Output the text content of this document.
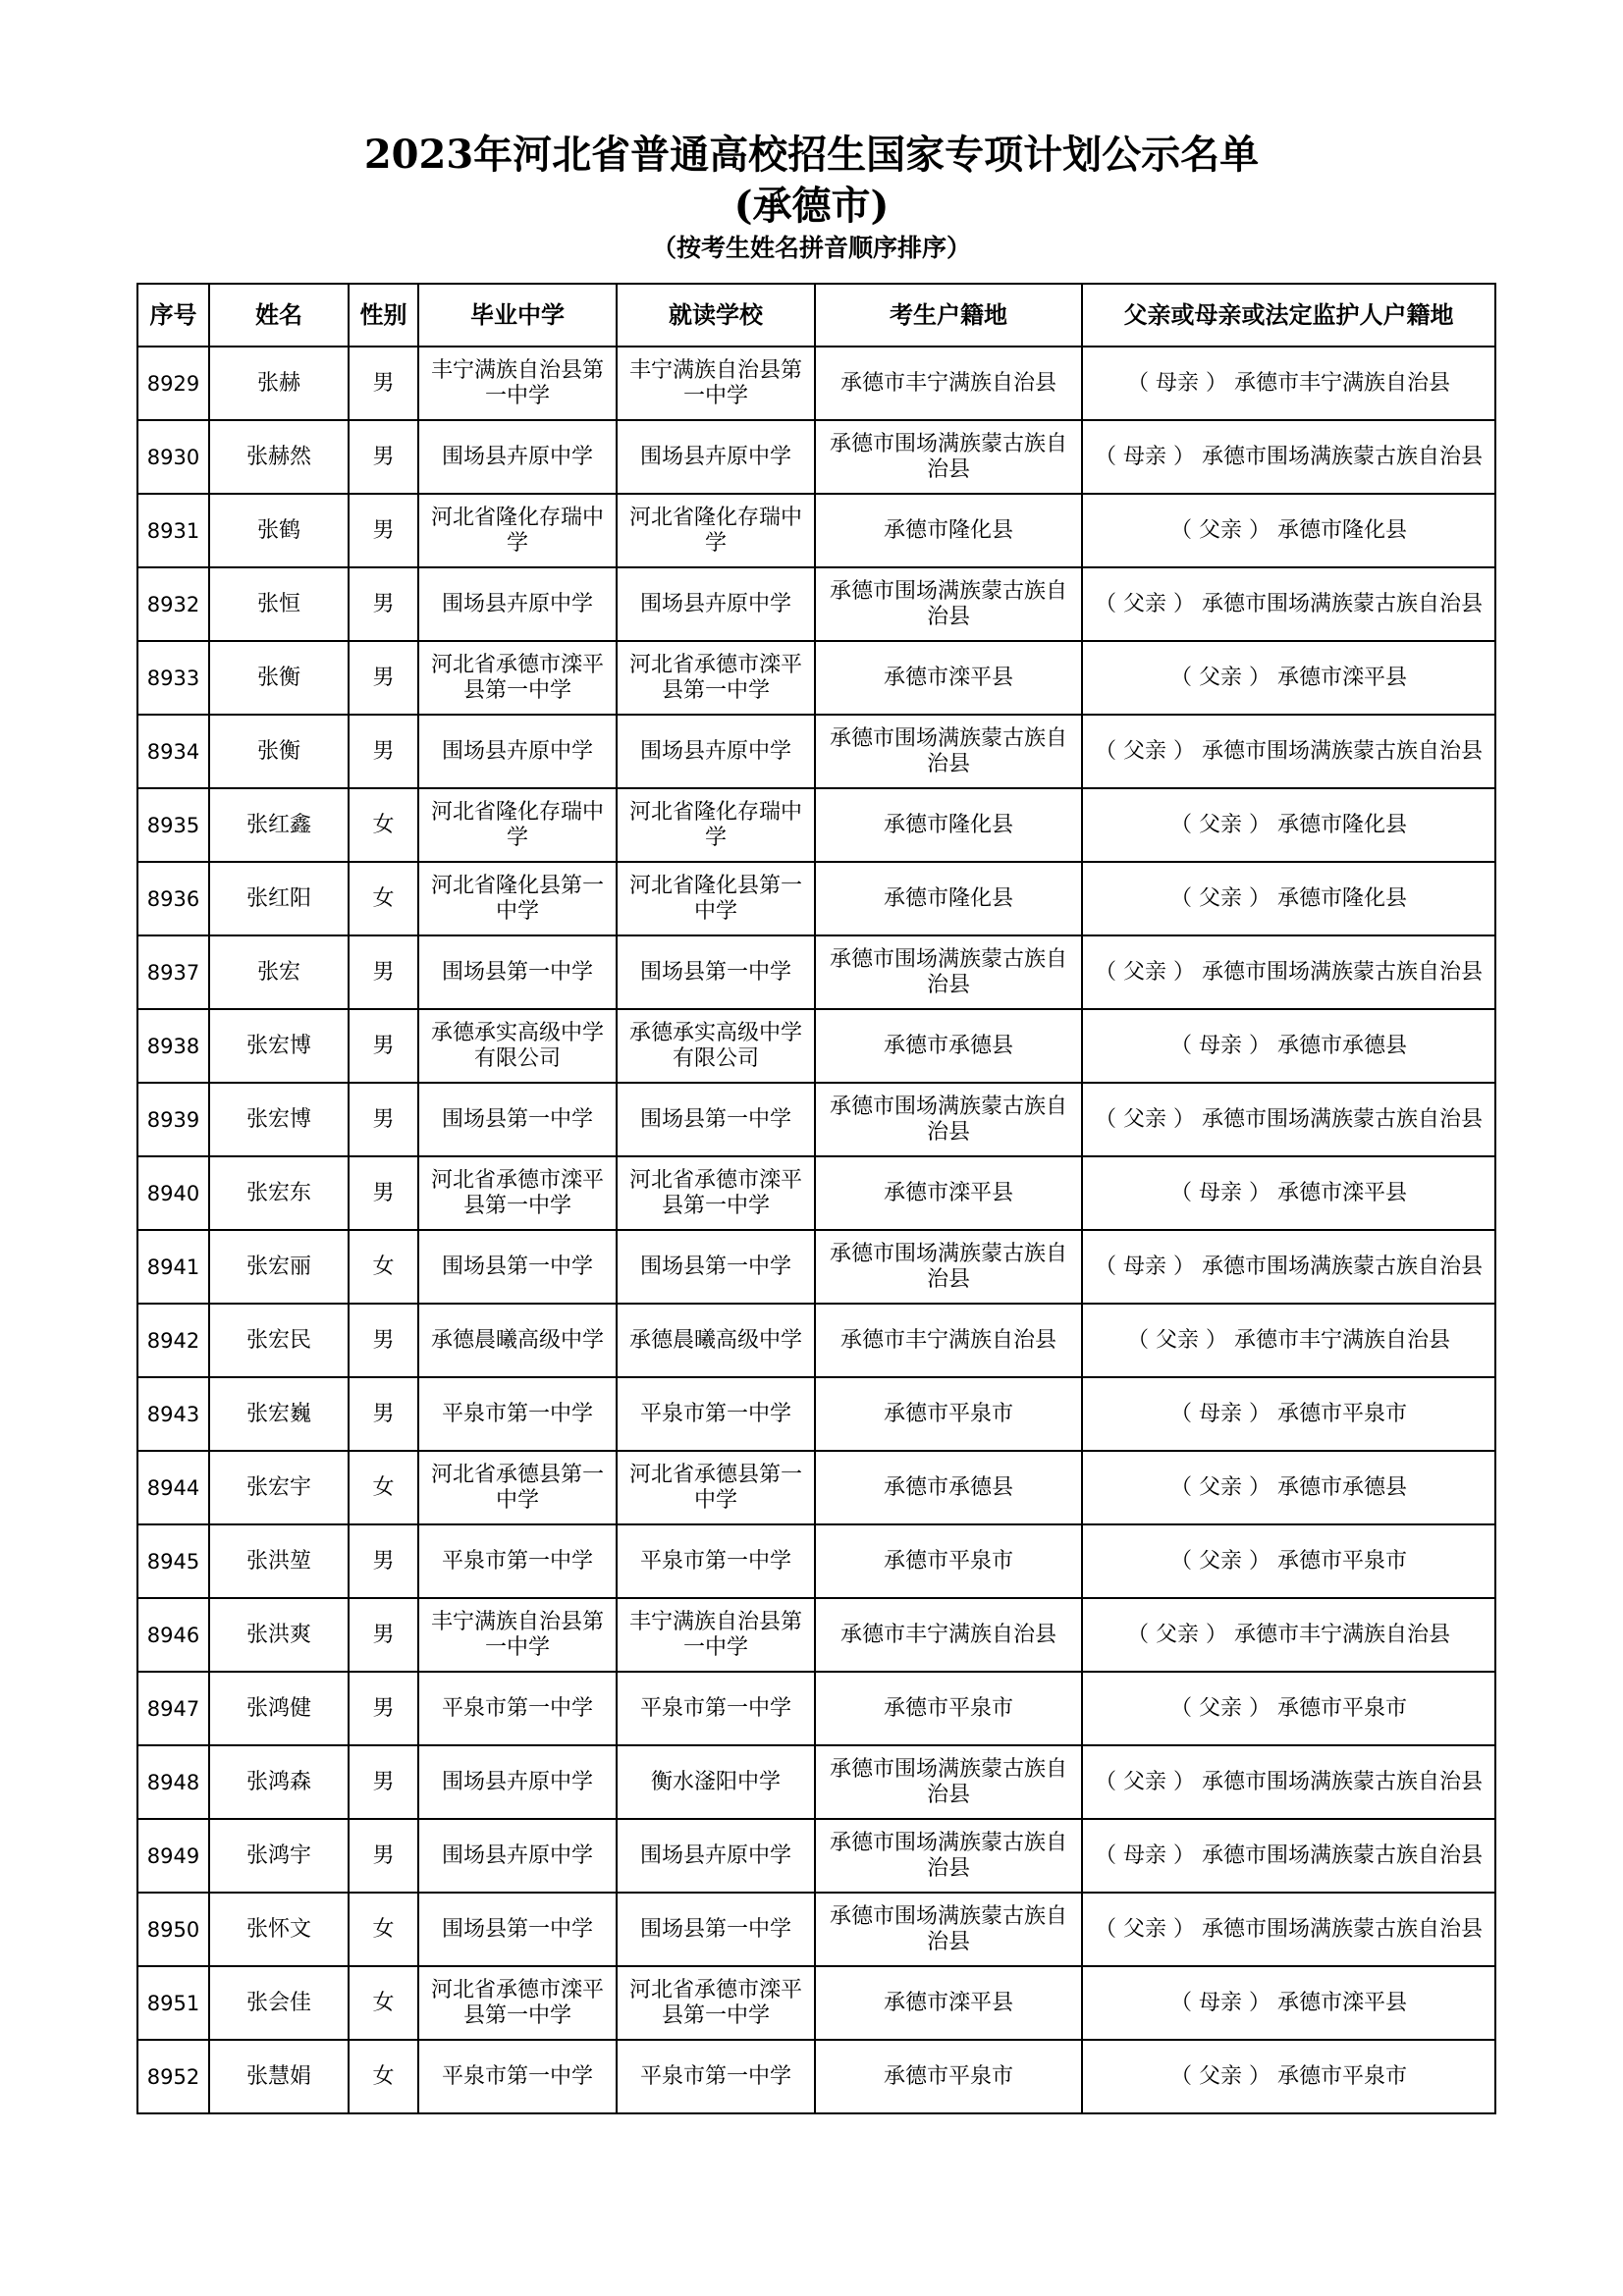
2023年河北省普通高校招生国家专项计划公示名单
(承德市)
（按考生姓名拼音顺序排序）
序号	姓名	性别	毕业中学	就读学校	考生户籍地	父亲或母亲或法定监护人户籍地
8929	张赫	男	丰宁满族自治县第一中学	丰宁满族自治县第一中学	承德市丰宁满族自治县	（ 母亲 ） 承德市丰宁满族自治县
8930	张赫然	男	围场县卉原中学	围场县卉原中学	承德市围场满族蒙古族自治县	（ 母亲 ） 承德市围场满族蒙古族自治县
8931	张鹤	男	河北省隆化存瑞中学	河北省隆化存瑞中学	承德市隆化县	（ 父亲 ） 承德市隆化县
8932	张恒	男	围场县卉原中学	围场县卉原中学	承德市围场满族蒙古族自治县	（ 父亲 ） 承德市围场满族蒙古族自治县
8933	张衡	男	河北省承德市滦平县第一中学	河北省承德市滦平县第一中学	承德市滦平县	（ 父亲 ） 承德市滦平县
8934	张衡	男	围场县卉原中学	围场县卉原中学	承德市围场满族蒙古族自治县	（ 父亲 ） 承德市围场满族蒙古族自治县
8935	张红鑫	女	河北省隆化存瑞中学	河北省隆化存瑞中学	承德市隆化县	（ 父亲 ） 承德市隆化县
8936	张红阳	女	河北省隆化县第一中学	河北省隆化县第一中学	承德市隆化县	（ 父亲 ） 承德市隆化县
8937	张宏	男	围场县第一中学	围场县第一中学	承德市围场满族蒙古族自治县	（ 父亲 ） 承德市围场满族蒙古族自治县
8938	张宏博	男	承德承实高级中学有限公司	承德承实高级中学有限公司	承德市承德县	（ 母亲 ） 承德市承德县
8939	张宏博	男	围场县第一中学	围场县第一中学	承德市围场满族蒙古族自治县	（ 父亲 ） 承德市围场满族蒙古族自治县
8940	张宏东	男	河北省承德市滦平县第一中学	河北省承德市滦平县第一中学	承德市滦平县	（ 母亲 ） 承德市滦平县
8941	张宏丽	女	围场县第一中学	围场县第一中学	承德市围场满族蒙古族自治县	（ 母亲 ） 承德市围场满族蒙古族自治县
8942	张宏民	男	承德晨曦高级中学	承德晨曦高级中学	承德市丰宁满族自治县	（ 父亲 ） 承德市丰宁满族自治县
8943	张宏巍	男	平泉市第一中学	平泉市第一中学	承德市平泉市	（ 母亲 ） 承德市平泉市
8944	张宏宇	女	河北省承德县第一中学	河北省承德县第一中学	承德市承德县	（ 父亲 ） 承德市承德县
8945	张洪堃	男	平泉市第一中学	平泉市第一中学	承德市平泉市	（ 父亲 ） 承德市平泉市
8946	张洪爽	男	丰宁满族自治县第一中学	丰宁满族自治县第一中学	承德市丰宁满族自治县	（ 父亲 ） 承德市丰宁满族自治县
8947	张鸿健	男	平泉市第一中学	平泉市第一中学	承德市平泉市	（ 父亲 ） 承德市平泉市
8948	张鸿森	男	围场县卉原中学	衡水滏阳中学	承德市围场满族蒙古族自治县	（ 父亲 ） 承德市围场满族蒙古族自治县
8949	张鸿宇	男	围场县卉原中学	围场县卉原中学	承德市围场满族蒙古族自治县	（ 母亲 ） 承德市围场满族蒙古族自治县
8950	张怀文	女	围场县第一中学	围场县第一中学	承德市围场满族蒙古族自治县	（ 父亲 ） 承德市围场满族蒙古族自治县
8951	张会佳	女	河北省承德市滦平县第一中学	河北省承德市滦平县第一中学	承德市滦平县	（ 母亲 ） 承德市滦平县
8952	张慧娟	女	平泉市第一中学	平泉市第一中学	承德市平泉市	（ 父亲 ） 承德市平泉市
